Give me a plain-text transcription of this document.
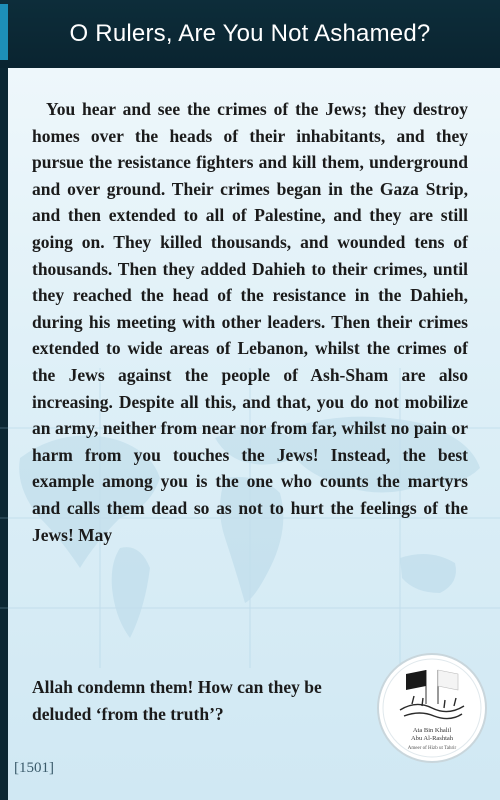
O Rulers, Are You Not Ashamed?

You hear and see the crimes of the Jews; they destroy homes over the heads of their inhabitants, and they pursue the resistance fighters and kill them, underground and over ground. Their crimes began in the Gaza Strip, and then extended to all of Palestine, and they are still going on. They killed thousands, and wounded tens of thousands. Then they added Dahieh to their crimes, until they reached the head of the resistance in the Dahieh, during his meeting with other leaders. Then their crimes extended to wide areas of Lebanon, whilst the crimes of the Jews against the people of Ash-Sham are also increasing. Despite all this, and that, you do not mobilize an army, neither from near nor from far, whilst no pain or harm from you touches the Jews! Instead, the best example among you is the one who counts the martyrs and calls them dead so as not to hurt the feelings of the Jews! May

Allah condemn them! How can they be
deluded ‘from the truth’?

[1501]
Ata Bin Khalil
Abu Al-Rashtah
Ameer of Hizb ut Tahrir
